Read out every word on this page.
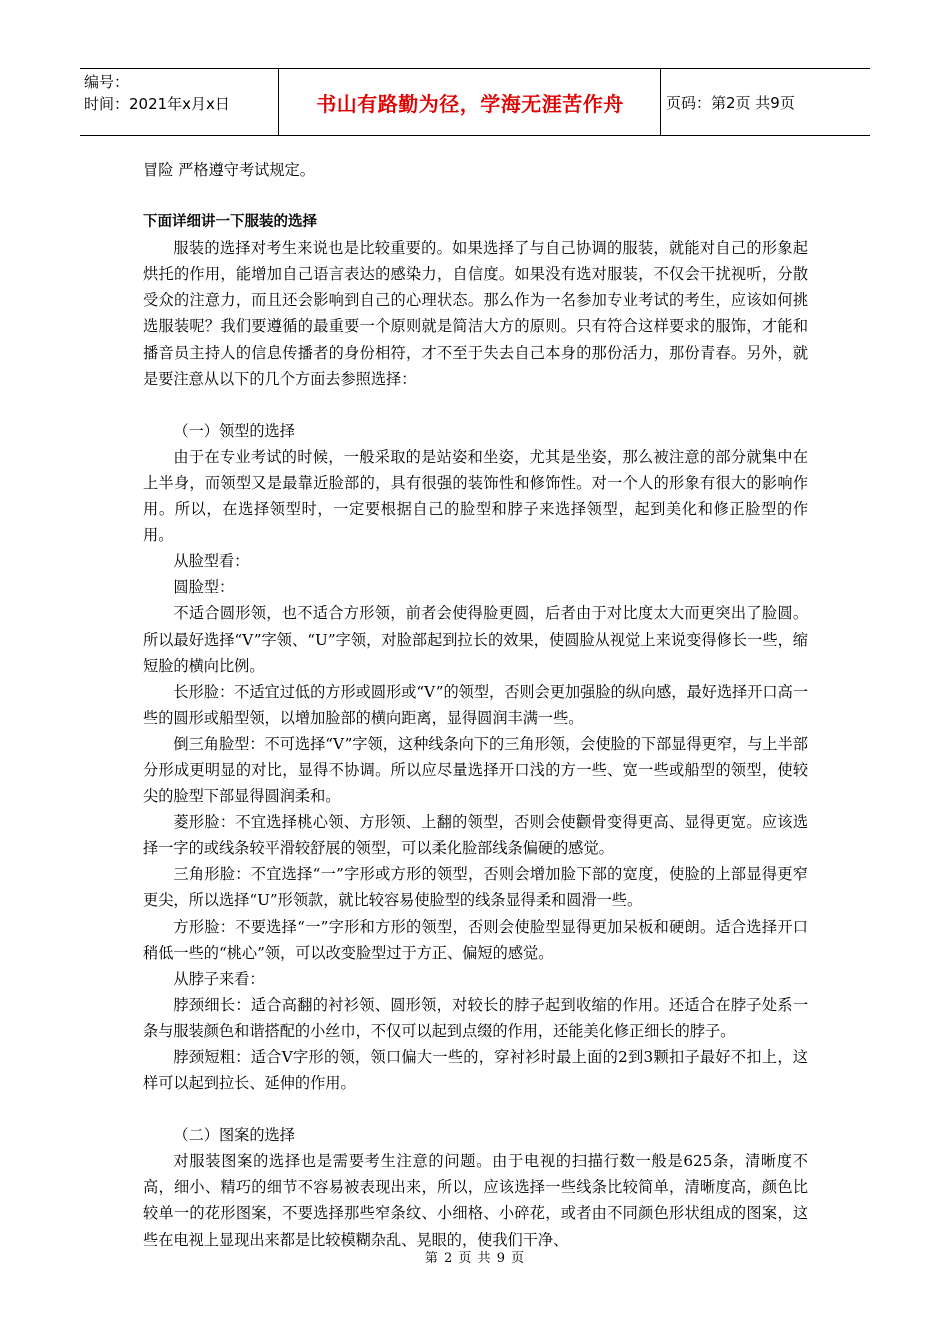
编号：
时间：2021年x月x日	书山有路勤为径，学海无涯苦作舟	页码：第2页 共9页

冒险 严格遵守考试规定。

下面详细讲一下服装的选择

服装的选择对考生来说也是比较重要的。如果选择了与自己协调的服装，就能对自己的形象起烘托的作用，能增加自己语言表达的感染力，自信度。如果没有选对服装，不仅会干扰视听，分散受众的注意力，而且还会影响到自己的心理状态。那么作为一名参加专业考试的考生，应该如何挑选服装呢？我们要遵循的最重要一个原则就是简洁大方的原则。只有符合这样要求的服饰，才能和播音员主持人的信息传播者的身份相符，才不至于失去自己本身的那份活力，那份青春。另外，就是要注意从以下的几个方面去参照选择：

（一）领型的选择

由于在专业考试的时候，一般采取的是站姿和坐姿，尤其是坐姿，那么被注意的部分就集中在上半身，而领型又是最靠近脸部的，具有很强的装饰性和修饰性。对一个人的形象有很大的影响作用。所以，在选择领型时，一定要根据自己的脸型和脖子来选择领型，起到美化和修正脸型的作用。

从脸型看：

圆脸型：

不适合圆形领，也不适合方形领，前者会使得脸更圆，后者由于对比度太大而更突出了脸圆。所以最好选择“V”字领、“U”字领，对脸部起到拉长的效果，使圆脸从视觉上来说变得修长一些，缩短脸的横向比例。

长形脸：不适宜过低的方形或圆形或“V”的领型，否则会更加强脸的纵向感，最好选择开口高一些的圆形或船型领，以增加脸部的横向距离，显得圆润丰满一些。

倒三角脸型：不可选择“V”字领，这种线条向下的三角形领，会使脸的下部显得更窄，与上半部分形成更明显的对比，显得不协调。所以应尽量选择开口浅的方一些、宽一些或船型的领型，使较尖的脸型下部显得圆润柔和。

菱形脸：不宜选择桃心领、方形领、上翻的领型，否则会使颧骨变得更高、显得更宽。应该选择一字的或线条较平滑较舒展的领型，可以柔化脸部线条偏硬的感觉。

三角形脸：不宜选择“一”字形或方形的领型，否则会增加脸下部的宽度，使脸的上部显得更窄更尖，所以选择“U”形领款，就比较容易使脸型的线条显得柔和圆滑一些。

方形脸：不要选择“一”字形和方形的领型，否则会使脸型显得更加呆板和硬朗。适合选择开口稍低一些的“桃心”领，可以改变脸型过于方正、偏短的感觉。

从脖子来看：

脖颈细长：适合高翻的衬衫领、圆形领，对较长的脖子起到收缩的作用。还适合在脖子处系一条与服装颜色和谐搭配的小丝巾，不仅可以起到点缀的作用，还能美化修正细长的脖子。

脖颈短粗：适合V字形的领，领口偏大一些的，穿衬衫时最上面的2到3颗扣子最好不扣上，这样可以起到拉长、延伸的作用。

（二）图案的选择

对服装图案的选择也是需要考生注意的问题。由于电视的扫描行数一般是625条，清晰度不高，细小、精巧的细节不容易被表现出来，所以，应该选择一些线条比较简单，清晰度高，颜色比较单一的花形图案，不要选择那些窄条纹、小细格、小碎花，或者由不同颜色形状组成的图案，这些在电视上显现出来都是比较模糊杂乱、晃眼的，使我们干净、

第 2 页 共 9 页
